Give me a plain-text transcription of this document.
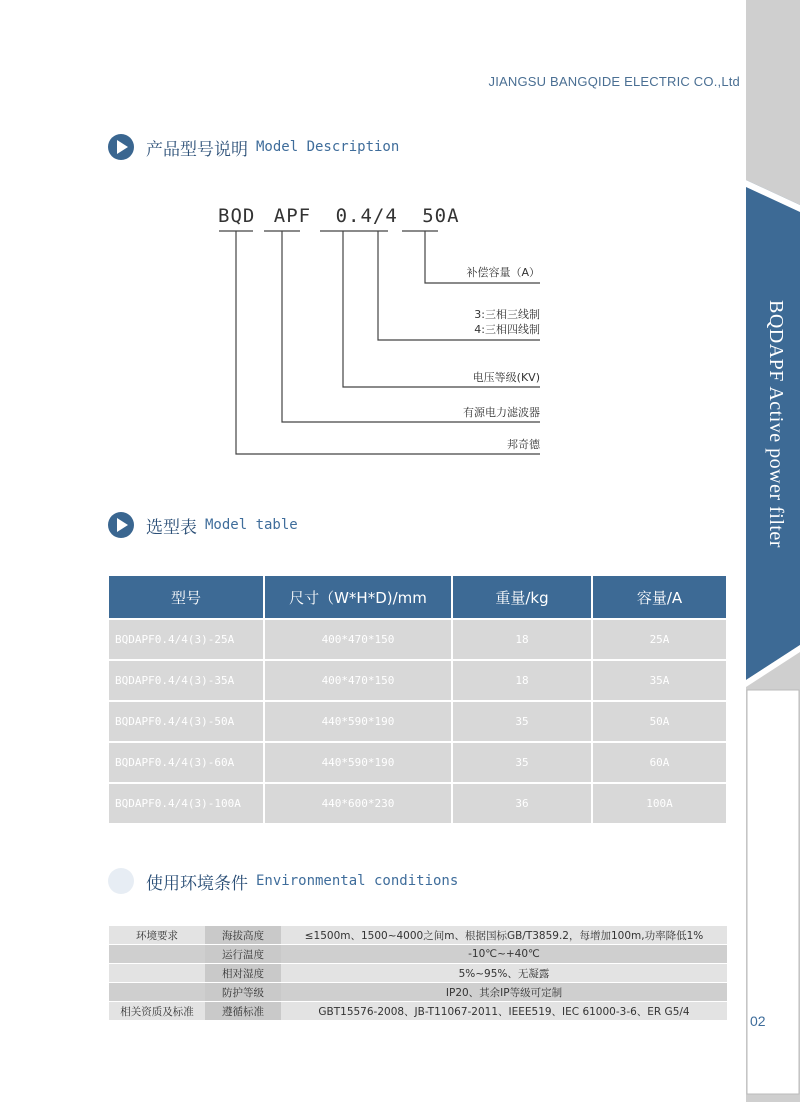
BQDAPF Active power filter
02
JIANGSU BANGQIDE ELECTRIC CO.,Ltd
产品型号说明 Model Description
BQD APF 0.4/4 50A
补偿容量（A）
3:三相三线制
4:三相四线制
电压等级(KV)
有源电力滤波器
邦奇德
选型表 Model table
型号	尺寸（W*H*D)/mm	重量/kg	容量/A
BQDAPF0.4/4(3)-25A	400*470*150	18	25A
BQDAPF0.4/4(3)-35A	400*470*150	18	35A
BQDAPF0.4/4(3)-50A	440*590*190	35	50A
BQDAPF0.4/4(3)-60A	440*590*190	35	60A
BQDAPF0.4/4(3)-100A	440*600*230	36	100A
使用环境条件 Environmental conditions
环境要求	海拔高度	≤1500m、1500~4000之间m、根据国标GB/T3859.2，每增加100m,功率降低1%
	运行温度	-10℃~+40℃
	相对湿度	5%~95%、无凝露
	防护等级	IP20、其余IP等级可定制
相关资质及标准	遵循标准	GBT15576-2008、JB-T11067-2011、IEEE519、IEC 61000-3-6、ER G5/4
